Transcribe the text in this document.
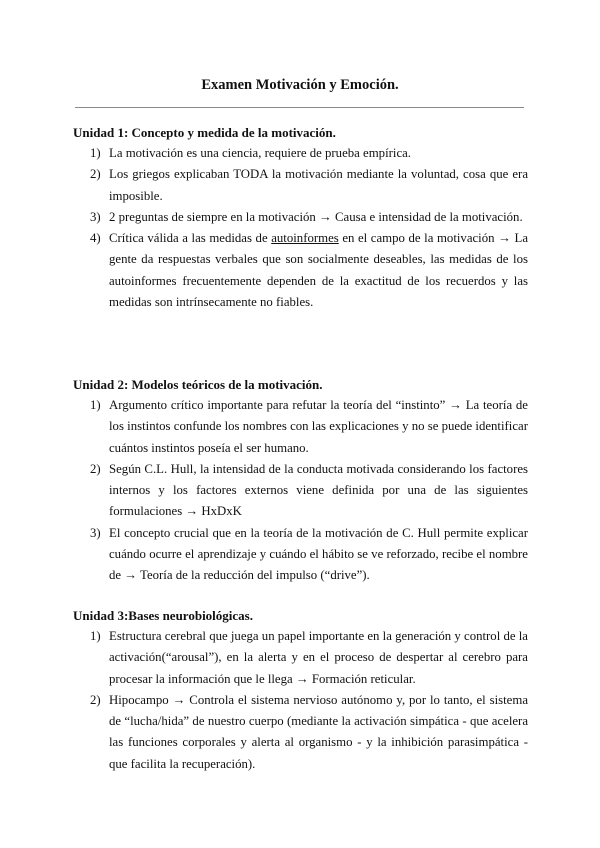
Examen Motivación y Emoción.
Unidad 1: Concepto y medida de la motivación.
1) La motivación es una ciencia, requiere de prueba empírica.
2) Los griegos explicaban TODA la motivación mediante la voluntad, cosa que era imposible.
3) 2 preguntas de siempre en la motivación → Causa e intensidad de la motivación.
4) Crítica válida a las medidas de autoinformes en el campo de la motivación → La gente da respuestas verbales que son socialmente deseables, las medidas de los autoinformes frecuentemente dependen de la exactitud de los recuerdos y las medidas son intrínsecamente no fiables.
Unidad 2: Modelos teóricos de la motivación.
1) Argumento crítico importante para refutar la teoría del “instinto” → La teoría de los instintos confunde los nombres con las explicaciones y no se puede identificar cuántos instintos poseía el ser humano.
2) Según C.L. Hull, la intensidad de la conducta motivada considerando los factores internos y los factores externos viene definida por una de las siguientes formulaciones → HxDxK
3) El concepto crucial que en la teoría de la motivación de C. Hull permite explicar cuándo ocurre el aprendizaje y cuándo el hábito se ve reforzado, recibe el nombre de → Teoría de la reducción del impulso (“drive”).
Unidad 3:Bases neurobiológicas.
1) Estructura cerebral que juega un papel importante en la generación y control de la activación(“arousal”), en la alerta y en el proceso de despertar al cerebro para procesar la información que le llega → Formación reticular.
2) Hipocampo → Controla el sistema nervioso autónomo y, por lo tanto, el sistema de “lucha/hida” de nuestro cuerpo (mediante la activación simpática - que acelera las funciones corporales y alerta al organismo - y la inhibición parasimpática - que facilita la recuperación).
